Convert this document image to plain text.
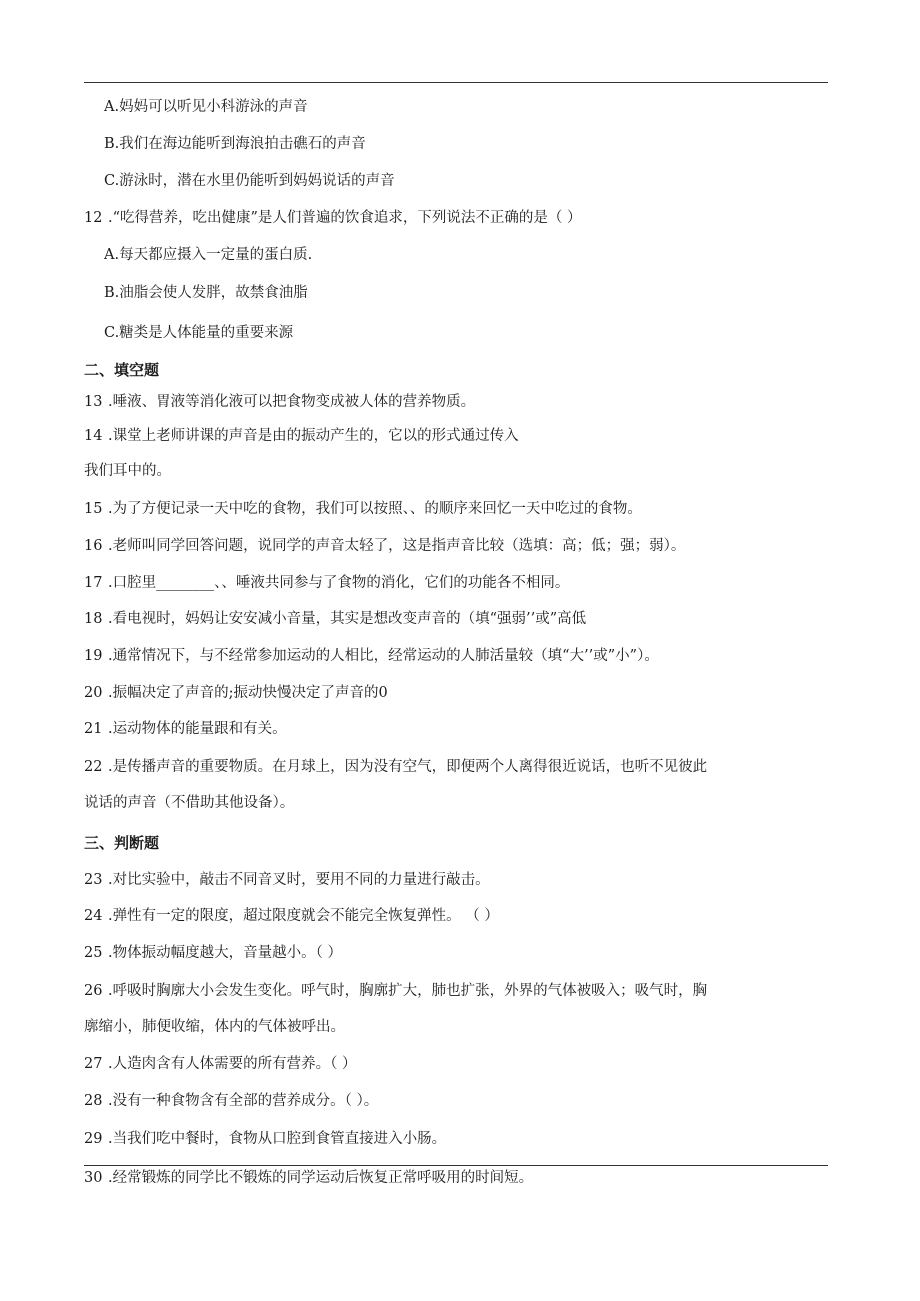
A.妈妈可以听见小科游泳的声音
B.我们在海边能听到海浪拍击礁石的声音
C.游泳时，潜在水里仍能听到妈妈说话的声音
12 .“吃得营养，吃出健康”是人们普遍的饮食追求，下列说法不正确的是（ ）
A.每天都应摄入一定量的蛋白质.
B.油脂会使人发胖，故禁食油脂
C.糖类是人体能量的重要来源
二、填空题
13 .唾液、胃液等消化液可以把食物变成被人体的营养物质。
14 .课堂上老师讲课的声音是由的振动产生的，它以的形式通过传入
我们耳中的。
15 .为了方便记录一天中吃的食物，我们可以按照、、的顺序来回忆一天中吃过的食物。
16 .老师叫同学回答问题，说同学的声音太轻了，这是指声音比较（选填：高；低；强；弱）。
17 .口腔里________、、唾液共同参与了食物的消化，它们的功能各不相同。
18 .看电视时，妈妈让安安减小音量，其实是想改变声音的（填“强弱’’或”高低
19 .通常情况下，与不经常参加运动的人相比，经常运动的人肺活量较（填“大’’或”小”）。
20 .振幅决定了声音的;振动快慢决定了声音的0
21 .运动物体的能量跟和有关。
22 .是传播声音的重要物质。在月球上，因为没有空气，即便两个人离得很近说话，也听不见彼此
说话的声音（不借助其他设备）。
三、判断题
23 .对比实验中，敲击不同音叉时，要用不同的力量进行敲击。
24 .弹性有一定的限度，超过限度就会不能完全恢复弹性。 （ ）
25 .物体振动幅度越大，音量越小。（ ）
26 .呼吸时胸廓大小会发生变化。呼气时，胸廓扩大，肺也扩张，外界的气体被吸入；吸气时，胸
廓缩小，肺便收缩，体内的气体被呼出。
27 .人造肉含有人体需要的所有营养。（ ）
28 .没有一种食物含有全部的营养成分。（ ）。
29 .当我们吃中餐时，食物从口腔到食管直接进入小肠。
30 .经常锻炼的同学比不锻炼的同学运动后恢复正常呼吸用的时间短。
